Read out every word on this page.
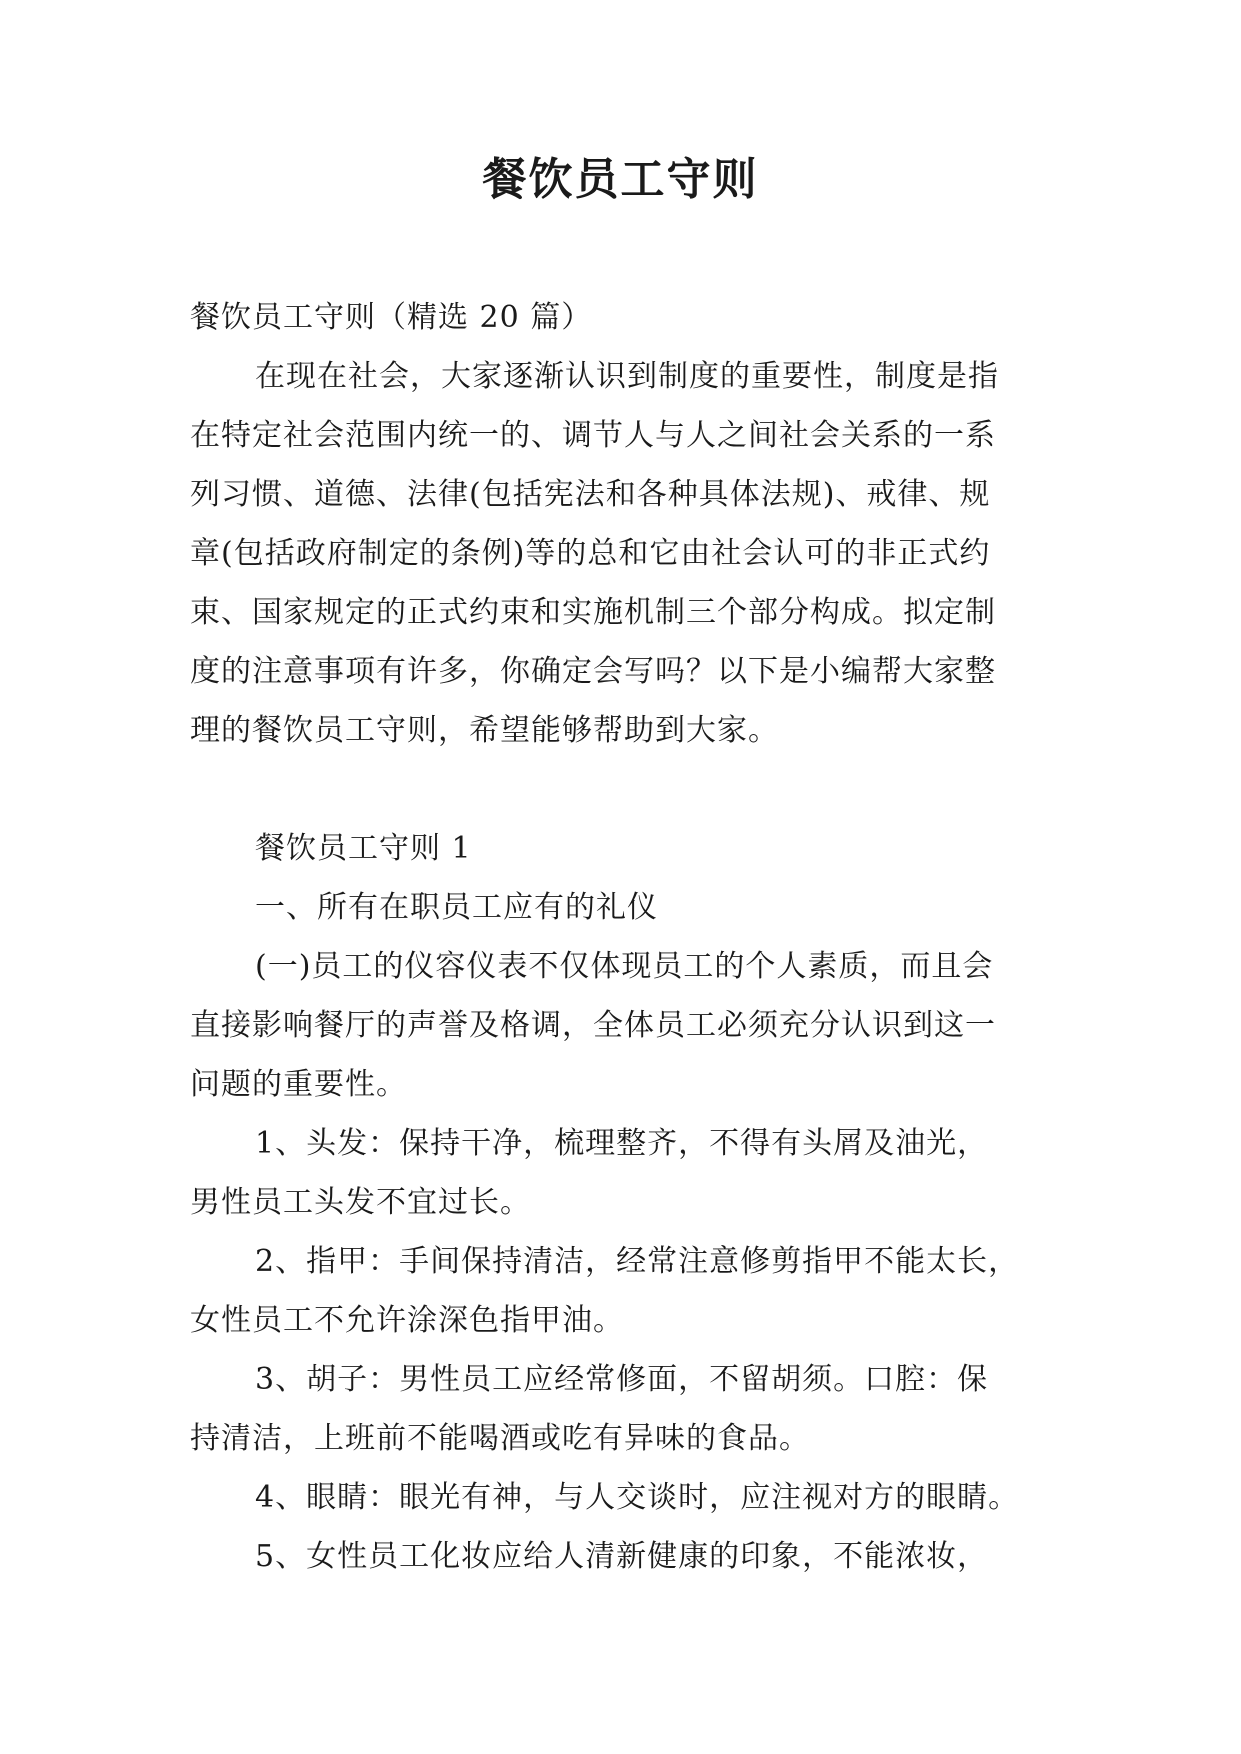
餐饮员工守则

餐饮员工守则（精选 20 篇）

在现在社会，大家逐渐认识到制度的重要性，制度是指

在特定社会范围内统一的、调节人与人之间社会关系的一系

列习惯、道德、法律(包括宪法和各种具体法规)、戒律、规

章(包括政府制定的条例)等的总和它由社会认可的非正式约

束、国家规定的正式约束和实施机制三个部分构成。拟定制

度的注意事项有许多，你确定会写吗？以下是小编帮大家整

理的餐饮员工守则，希望能够帮助到大家。

餐饮员工守则 1

一、所有在职员工应有的礼仪

(一)员工的仪容仪表不仅体现员工的个人素质，而且会

直接影响餐厅的声誉及格调，全体员工必须充分认识到这一

问题的重要性。

1、头发：保持干净，梳理整齐，不得有头屑及油光，

男性员工头发不宜过长。

2、指甲：手间保持清洁，经常注意修剪指甲不能太长，

女性员工不允许涂深色指甲油。

3、胡子：男性员工应经常修面，不留胡须。口腔：保

持清洁，上班前不能喝酒或吃有异味的食品。

4、眼睛：眼光有神，与人交谈时，应注视对方的眼睛。

5、女性员工化妆应给人清新健康的印象，不能浓妆，
